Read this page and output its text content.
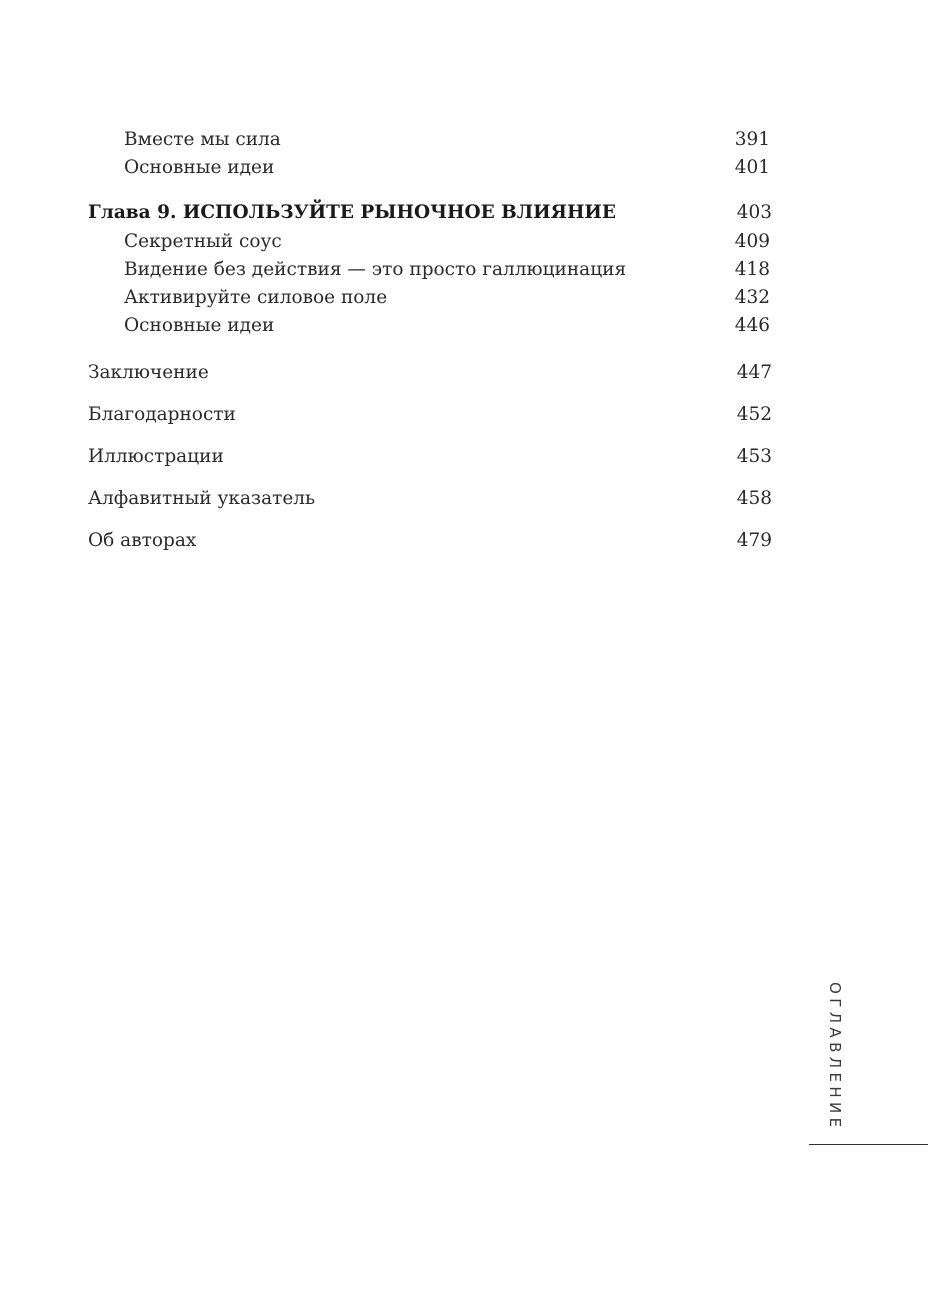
Вместе мы сила	391
Основные идеи	401
Глава 9. ИСПОЛЬЗУЙТЕ РЫНОЧНОЕ ВЛИЯНИЕ	403
Секретный соус	409
Видение без действия — это просто галлюцинация	418
Активируйте силовое поле	432
Основные идеи	446
Заключение	447
Благодарности	452
Иллюстрации	453
Алфавитный указатель	458
Об авторах	479
ОГЛАВЛЕНИЕ
